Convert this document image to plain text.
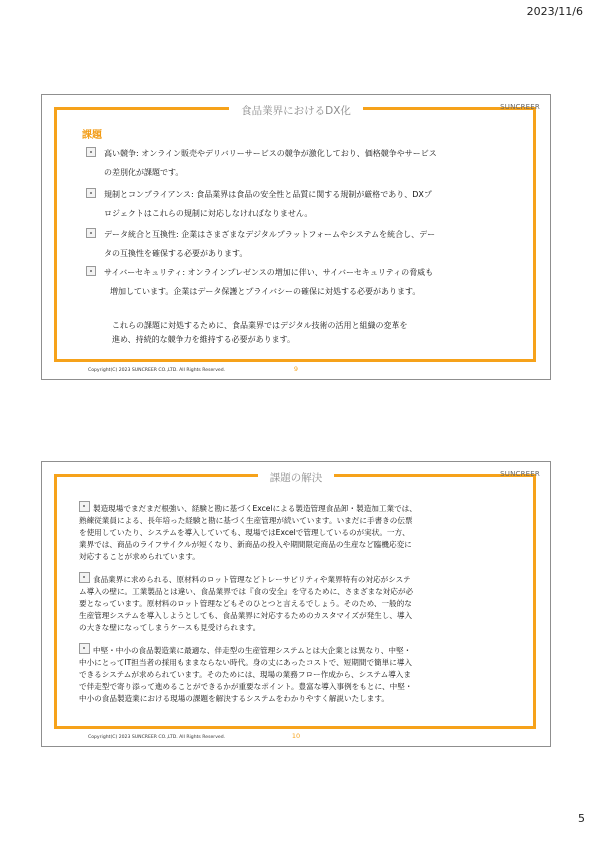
2023/11/6
食品業界におけるDX化	SUNCREER
課題
高い競争: オンライン販売やデリバリーサービスの競争が激化しており、価格競争やサービス
の差別化が課題です。
規制とコンプライアンス: 食品業界は食品の安全性と品質に関する規制が厳格であり、DXプ
ロジェクトはこれらの規制に対応しなければなりません。
データ統合と互換性: 企業はさまざまなデジタルプラットフォームやシステムを統合し、デー
タの互換性を確保する必要があります。
サイバーセキュリティ: オンラインプレゼンスの増加に伴い、サイバーセキュリティの脅威も
増加しています。企業はデータ保護とプライバシーの確保に対処する必要があります。
これらの課題に対処するために、食品業界ではデジタル技術の活用と組織の変革を
進め、持続的な競争力を維持する必要があります。
Copyright(C) 2023 SUNCREER CO.,LTD. All Rights Reserved.	9
課題の解決	SUNCREER
製造現場でまだまだ根強い、経験と勘に基づくExcelによる製造管理食品卸・製造加工業では、
熟練従業員による、長年培った経験と勘に基づく生産管理が続いています。いまだに手書きの伝票
を使用していたり、システムを導入していても、現場ではExcelで管理しているのが実状。一方、
業界では、商品のライフサイクルが短くなり、新商品の投入や期間限定商品の生産など臨機応変に
対応することが求められています。
食品業界に求められる、原材料のロット管理などトレーサビリティや業界特有の対応がシステ
ム導入の壁に。工業製品とは違い、食品業界では『食の安全』を守るために、さまざまな対応が必
要となっています。原材料のロット管理などもそのひとつと言えるでしょう。そのため、一般的な
生産管理システムを導入しようとしても、食品業界に対応するためのカスタマイズが発生し、導入
の大きな壁になってしまうケースも見受けられます。
中堅・中小の食品製造業に最適な、伴走型の生産管理システムとは大企業とは異なり、中堅・
中小にとってIT担当者の採用もままならない時代。身の丈にあったコストで、短期間で簡単に導入
できるシステムが求められています。そのためには、現場の業務フロー作成から、システム導入ま
で伴走型で寄り添って進めることができるかが重要なポイント。豊富な導入事例をもとに、中堅・
中小の食品製造業における現場の課題を解決するシステムをわかりやすく解説いたします。
Copyright(C) 2023 SUNCREER CO.,LTD. All Rights Reserved.	10
5
